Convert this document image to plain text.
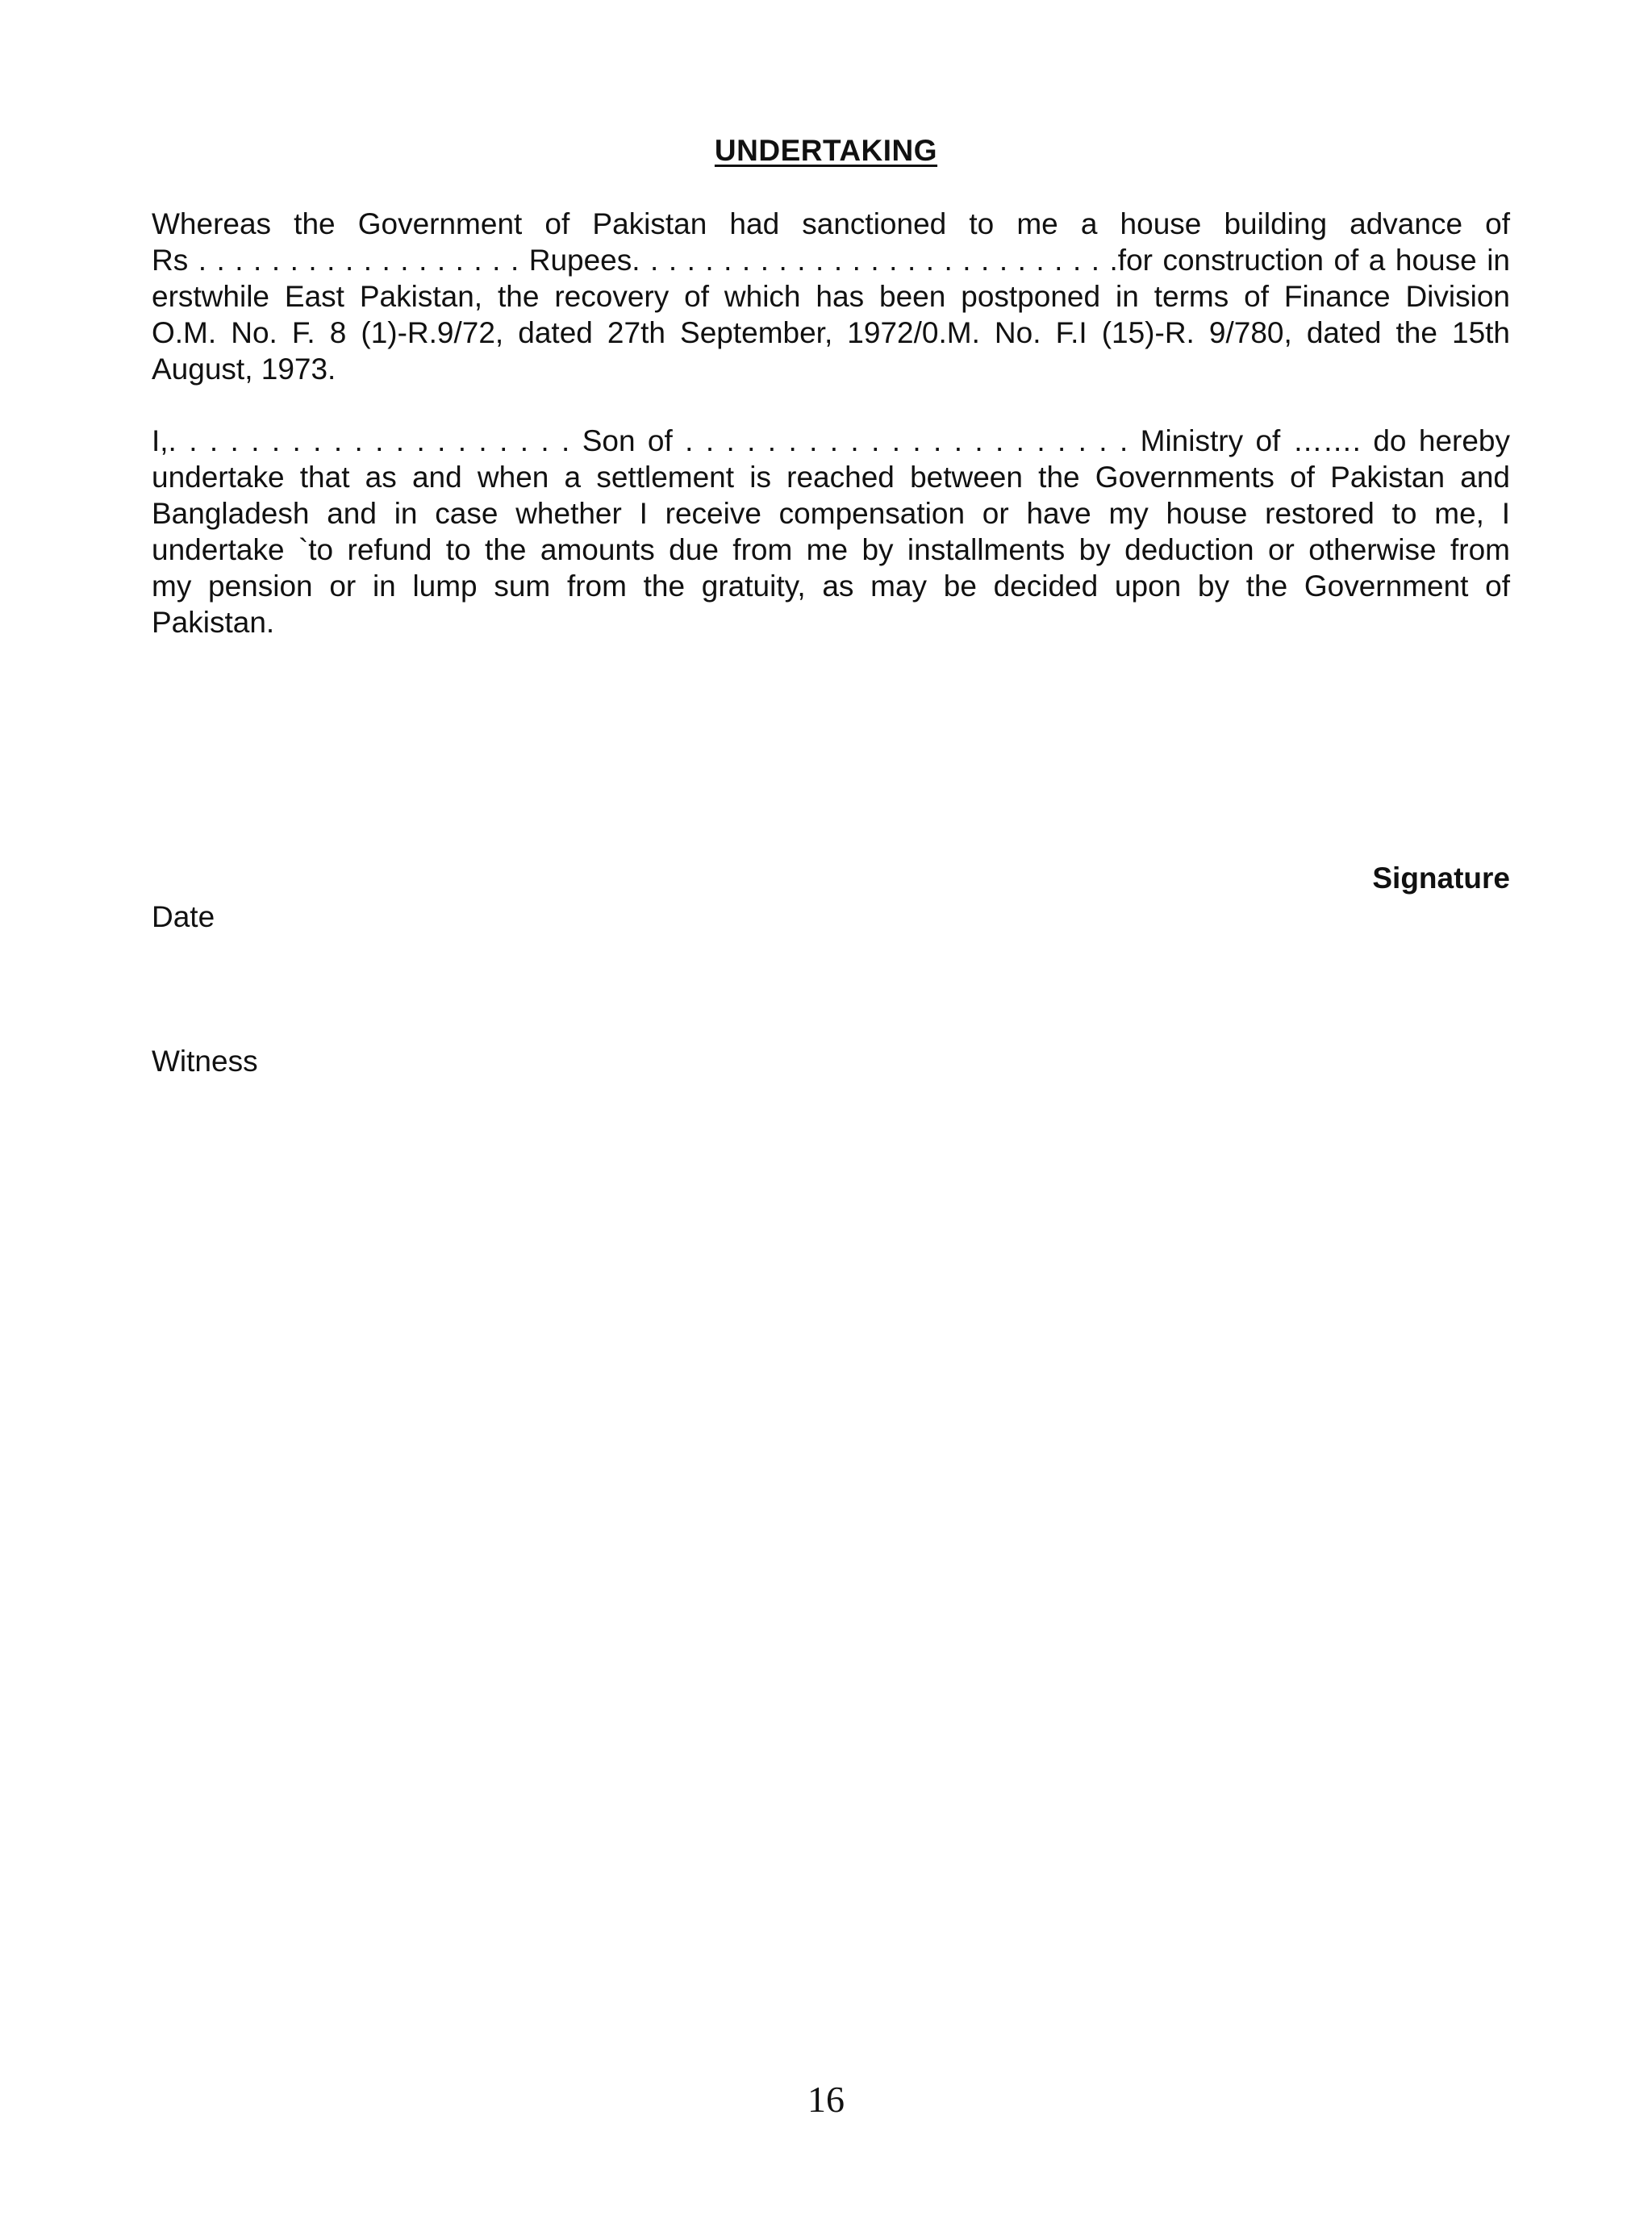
UNDERTAKING
Whereas the Government of Pakistan had sanctioned to me a house building advance of
Rs . . . . . . . . . . . . . . . . . . Rupees. . . . . . . . . . . . . . . . . . . . . . . . . . .for construction of a house in
erstwhile East Pakistan, the recovery of which has been postponed in terms of Finance Division
O.M. No. F. 8 (1)-R.9/72, dated 27th September, 1972/0.M. No. F.I (15)-R. 9/780, dated the 15th
August, 1973.
I,. . . . . . . . . . . . . . . . . . . . Son of . . . . . . . . . . . . . . . . . . . . . . Ministry of ……. do hereby
undertake that as and when a settlement is reached between the Governments of Pakistan and
Bangladesh and in case whether I receive compensation or have my house restored to me, I
undertake `to refund to the amounts due from me by installments by deduction or otherwise from
my pension or in lump sum from the gratuity, as may be decided upon by the Government of
Pakistan.
Signature
Date
Witness
16
